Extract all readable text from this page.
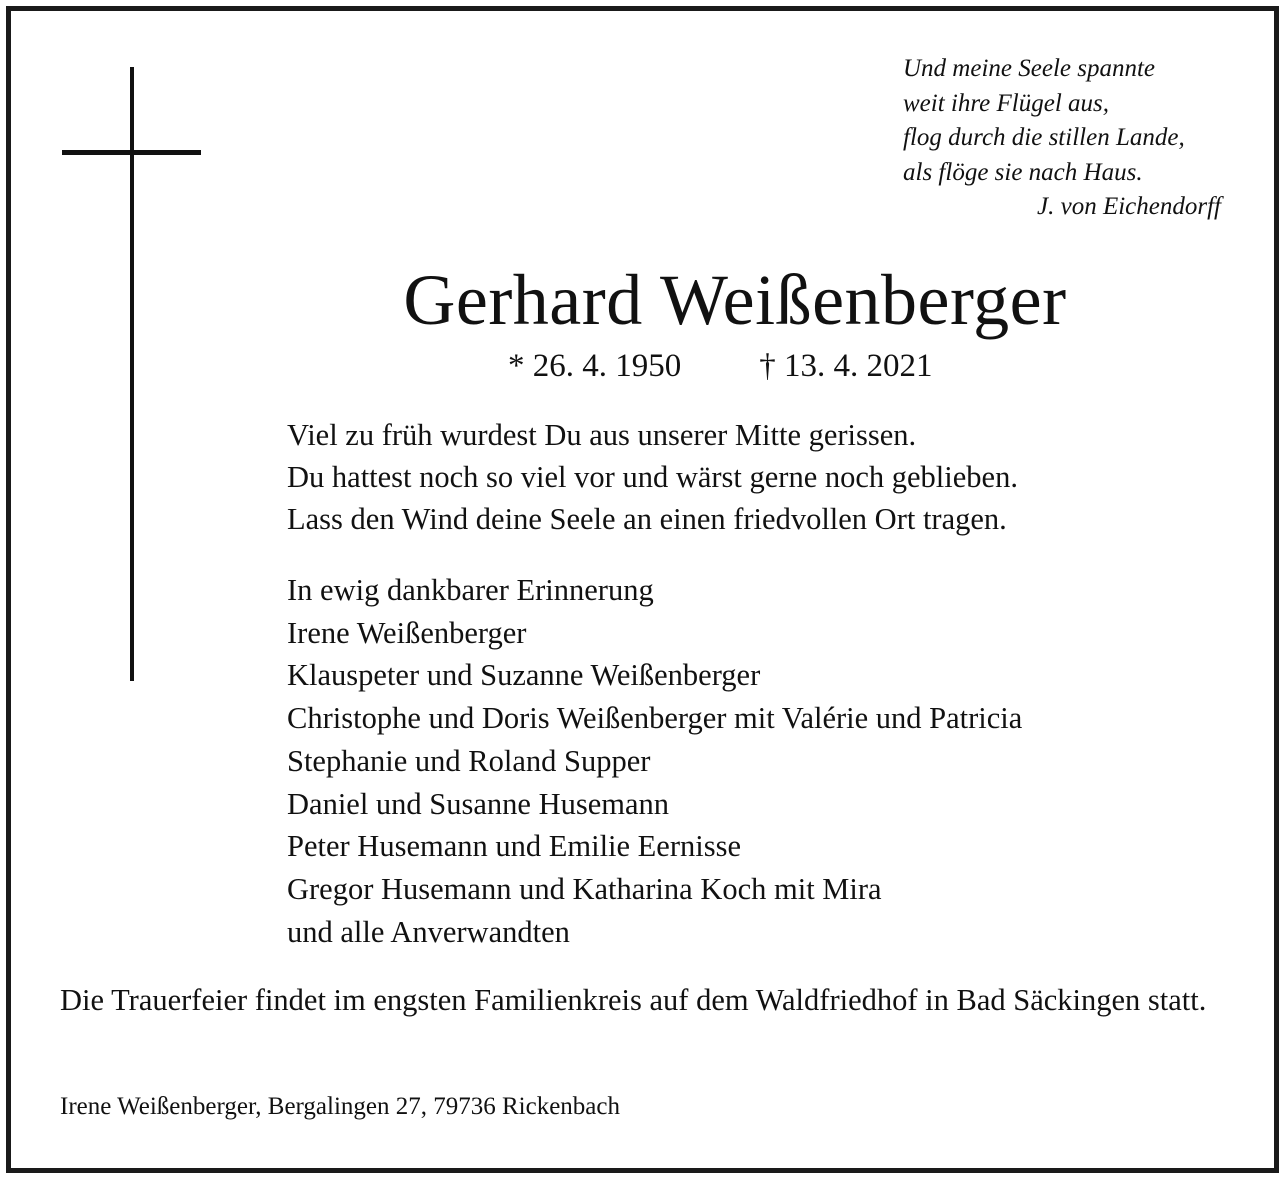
Und meine Seele spannte
weit ihre Flügel aus,
flog durch die stillen Lande,
als flöge sie nach Haus.
J. von Eichendorff
Gerhard Weißenberger
* 26. 4. 1950 † 13. 4. 2021
Viel zu früh wurdest Du aus unserer Mitte gerissen.
Du hattest noch so viel vor und wärst gerne noch geblieben.
Lass den Wind deine Seele an einen friedvollen Ort tragen.
In ewig dankbarer Erinnerung
Irene Weißenberger
Klauspeter und Suzanne Weißenberger
Christophe und Doris Weißenberger mit Valérie und Patricia
Stephanie und Roland Supper
Daniel und Susanne Husemann
Peter Husemann und Emilie Eernisse
Gregor Husemann und Katharina Koch mit Mira
und alle Anverwandten
Die Trauerfeier findet im engsten Familienkreis auf dem Waldfriedhof in Bad Säckingen statt.
Irene Weißenberger, Bergalingen 27, 79736 Rickenbach
